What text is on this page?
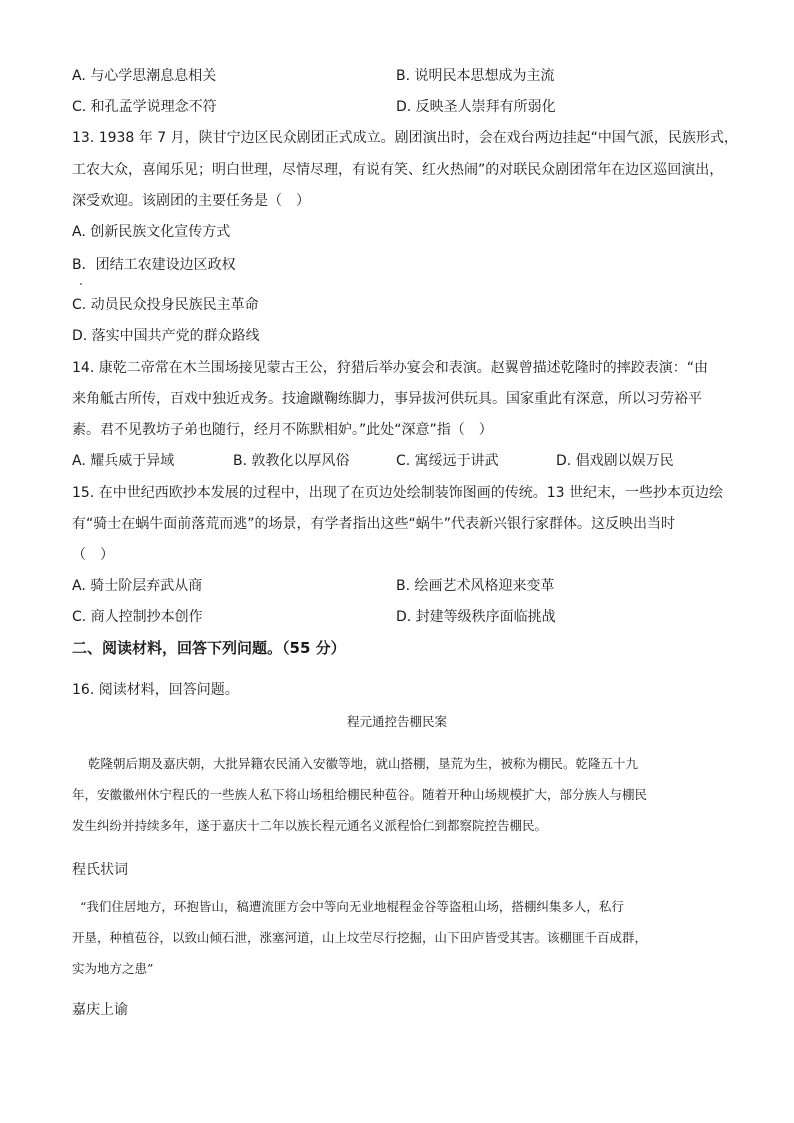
A. 与心学思潮息息相关	B. 说明民本思想成为主流
C. 和孔孟学说理念不符	D. 反映圣人崇拜有所弱化
13. 1938 年 7 月，陕甘宁边区民众剧团正式成立。剧团演出时，会在戏台两边挂起“中国气派，民族形式，
工农大众，喜闻乐见；明白世理，尽情尽理，有说有笑、红火热闹”的对联民众剧团常年在边区巡回演出，
深受欢迎。该剧团的主要任务是（　）
A. 创新民族文化宣传方式
B．团结工农建设边区政权
C. 动员民众投身民族民主革命
D. 落实中国共产党的群众路线
14. 康乾二帝常在木兰围场接见蒙古王公，狩猎后举办宴会和表演。赵翼曾描述乾隆时的摔跤表演：“由
来角觝古所传，百戏中独近戎务。技逾蹴鞠练脚力，事异拔河供玩具。国家重此有深意，所以习劳裕平
素。君不见教坊子弟也随行，经月不陈默相妒。”此处“深意”指（　）
A. 耀兵威于异域	B. 敦教化以厚风俗	C. 寓绥远于讲武	D. 倡戏剧以娱万民
15. 在中世纪西欧抄本发展的过程中，出现了在页边处绘制装饰图画的传统。13 世纪末，一些抄本页边绘
有“骑士在蜗牛面前落荒而逃”的场景，有学者指出这些“蜗牛”代表新兴银行家群体。这反映出当时
（　）
A. 骑士阶层弃武从商	B. 绘画艺术风格迎来变革
C. 商人控制抄本创作	D. 封建等级秩序面临挑战
二、阅读材料，回答下列问题。（55 分）
16. 阅读材料，回答问题。
程元通控告棚民案
乾隆朝后期及嘉庆朝，大批异籍农民涌入安徽等地，就山搭棚，垦荒为生，被称为棚民。乾隆五十九
年，安徽徽州休宁程氏的一些族人私下将山场租给棚民种苞谷。随着开种山场规模扩大，部分族人与棚民
发生纠纷并持续多年，遂于嘉庆十二年以族长程元通名义派程恰仁到都察院控告棚民。
程氏状词
“我们住居地方，环抱皆山，稿遭流匪方会中等向无业地棍程金谷等盗租山场，搭棚纠集多人，私行
开垦，种植苞谷，以致山倾石泄，涨塞河道，山上坟茔尽行挖掘，山下田庐皆受其害。该棚匪千百成群，
实为地方之患”
嘉庆上谕
